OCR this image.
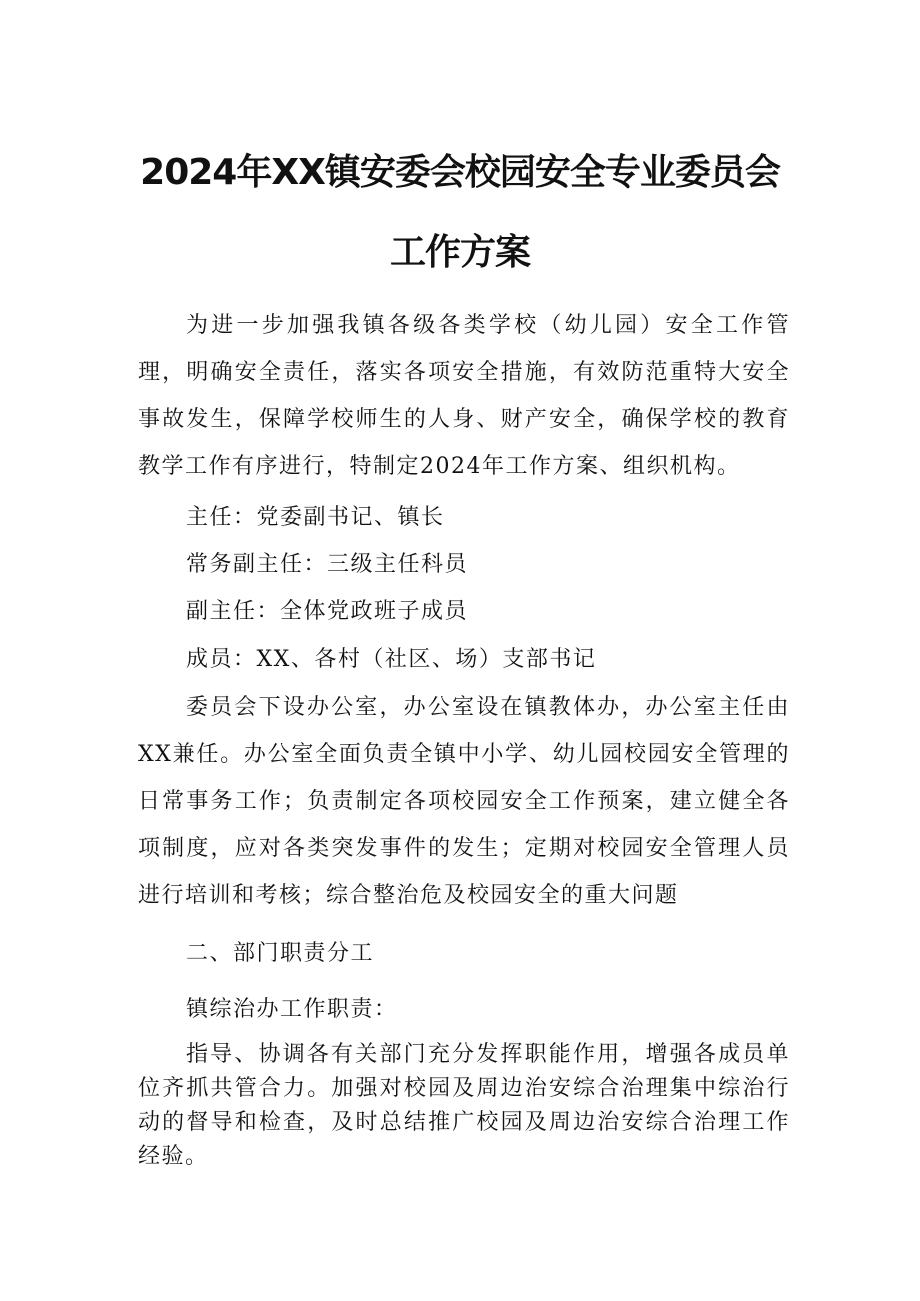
2024年XX镇安委会校园安全专业委员会
工作方案

为进一步加强我镇各级各类学校（幼儿园）安全工作管理，明确安全责任，落实各项安全措施，有效防范重特大安全事故发生，保障学校师生的人身、财产安全，确保学校的教育教学工作有序进行，特制定2024年工作方案、组织机构。

主任：党委副书记、镇长

常务副主任：三级主任科员

副主任：全体党政班子成员

成员：XX、各村（社区、场）支部书记

委员会下设办公室，办公室设在镇教体办，办公室主任由XX兼任。办公室全面负责全镇中小学、幼儿园校园安全管理的日常事务工作；负责制定各项校园安全工作预案，建立健全各项制度，应对各类突发事件的发生；定期对校园安全管理人员进行培训和考核；综合整治危及校园安全的重大问题

二、部门职责分工

镇综治办工作职责：

指导、协调各有关部门充分发挥职能作用，增强各成员单位齐抓共管合力。加强对校园及周边治安综合治理集中综治行动的督导和检查，及时总结推广校园及周边治安综合治理工作经验。
